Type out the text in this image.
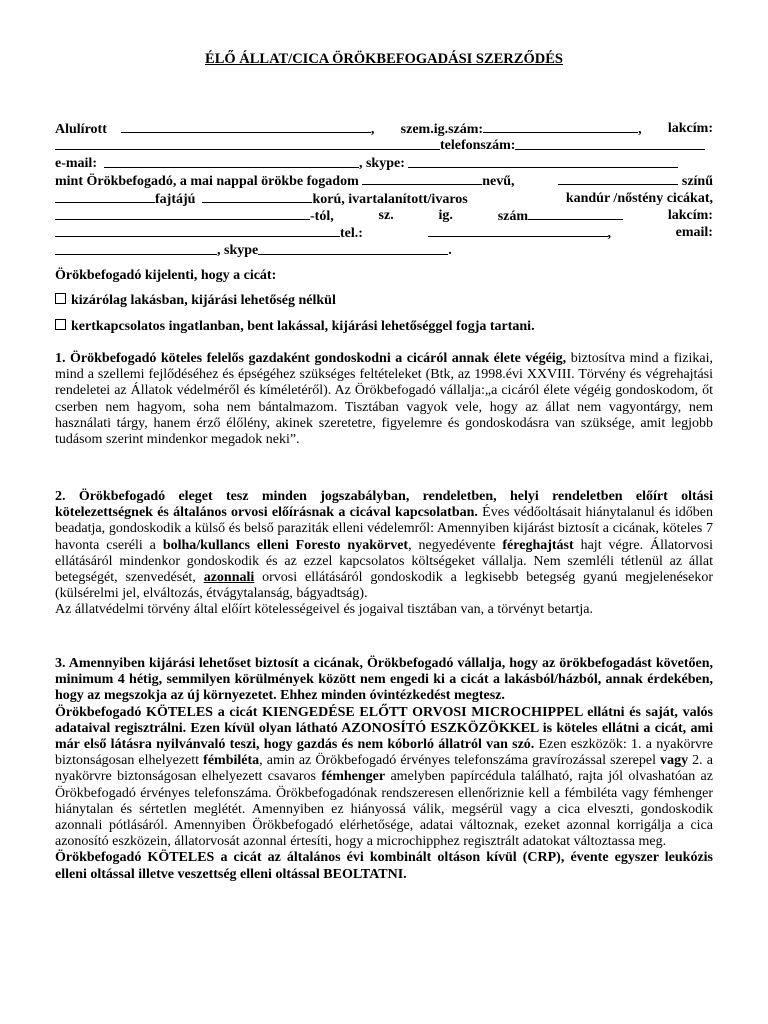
ÉLŐ ÁLLAT/CICA ÖRÖKBEFOGADÁSI SZERZŐDÉS
Alulírott	, szem.ig.szám:	, lakcím:
telefonszám:
e-mail:
	, skype:

mint Örökbefogadó, a mai nappal örökbe fogadom	nevű,	színű
fajtájú	korú, ivartalanított/ivaros	kandúr /nőstény cicákat,
-tól,	sz.	ig.	szám	lakcím:
tel.:	,	email:
, skype	.
Örökbefogadó kijelenti, hogy a cicát:
kizárólag lakásban, kijárási lehetőség nélkül
kertkapcsolatos ingatlanban, bent lakással, kijárási lehetőséggel fogja tartani.
1. Örökbefogadó köteles felelős gazdaként gondoskodni a cicáról annak élete végéig, biztosítva mind a fizikai, mind a szellemi fejlődéséhez és épségéhez szükséges feltételeket (Btk, az 1998.évi XXVIII. Törvény és végrehajtási rendeletei az Állatok védelméről és kíméletéről). Az Örökbefogadó vállalja:„a cicáról élete végéig gondoskodom, őt cserben nem hagyom, soha nem bántalmazom. Tisztában vagyok vele, hogy az állat nem vagyontárgy, nem használati tárgy, hanem érző élőlény, akinek szeretetre, figyelemre és gondoskodásra van szüksége, amit legjobb tudásom szerint mindenkor megadok neki”.
2. Örökbefogadó eleget tesz minden jogszabályban, rendeletben, helyi rendeletben előírt oltási kötelezettségnek és általános orvosi előírásnak a cicával kapcsolatban. Éves védőoltásait hiánytalanul és időben beadatja, gondoskodik a külső és belső paraziták elleni védelemről: Amennyiben kijárást biztosít a cicának, köteles 7 havonta cseréli a bolha/kullancs elleni Foresto nyakörvet, negyedévente féreghajtást hajt végre. Állatorvosi ellátásáról mindenkor gondoskodik és az ezzel kapcsolatos költségeket vállalja. Nem szemléli tétlenül az állat betegségét, szenvedését, azonnali orvosi ellátásáról gondoskodik a legkisebb betegség gyanú megjelenésekor (külsérelmi jel, elváltozás, étvágytalanság, bágyadtság).
Az állatvédelmi törvény által előírt kötelességeivel és jogaival tisztában van, a törvényt betartja.
3. Amennyiben kijárási lehetőset biztosít a cicának, Örökbefogadó vállalja, hogy az örökbefogadást követően, minimum 4 hétig, semmilyen körülmények között nem engedi ki a cicát a lakásból/házból, annak érdekében, hogy az megszokja az új környezetet. Ehhez minden óvintézkedést megtesz.
Örökbefogadó KÖTELES a cicát KIENGEDÉSE ELŐTT ORVOSI MICROCHIPPEL ellátni és saját, valós adataival regisztrálni. Ezen kívül olyan látható AZONOSÍTÓ ESZKÖZÖKKEL is köteles ellátni a cicát, ami már első látásra nyilvánvaló teszi, hogy gazdás és nem kóborló állatról van szó. Ezen eszközök: 1. a nyakörvre biztonságosan elhelyezett fémbiléta, amin az Örökbefogadó érvényes telefonszáma gravírozással szerepel vagy 2. a nyakörvre biztonságosan elhelyezett csavaros fémhenger amelyben papírcédula található, rajta jól olvashatóan az Örökbefogadó érvényes telefonszáma. Örökbefogadónak rendszeresen ellenőriznie kell a fémbiléta vagy fémhenger hiánytalan és sértetlen meglétét. Amennyiben ez hiányossá válik, megsérül vagy a cica elveszti, gondoskodik azonnali pótlásáról. Amennyiben Örökbefogadó elérhetősége, adatai változnak, ezeket azonnal korrigálja a cica azonosító eszközein, állatorvosát azonnal értesíti, hogy a microchipphez regisztrált adatokat változtassa meg.
Örökbefogadó KÖTELES a cicát az általános évi kombinált oltáson kívül (CRP), évente egyszer leukózis elleni oltással illetve veszettség elleni oltással BEOLTATNI.
